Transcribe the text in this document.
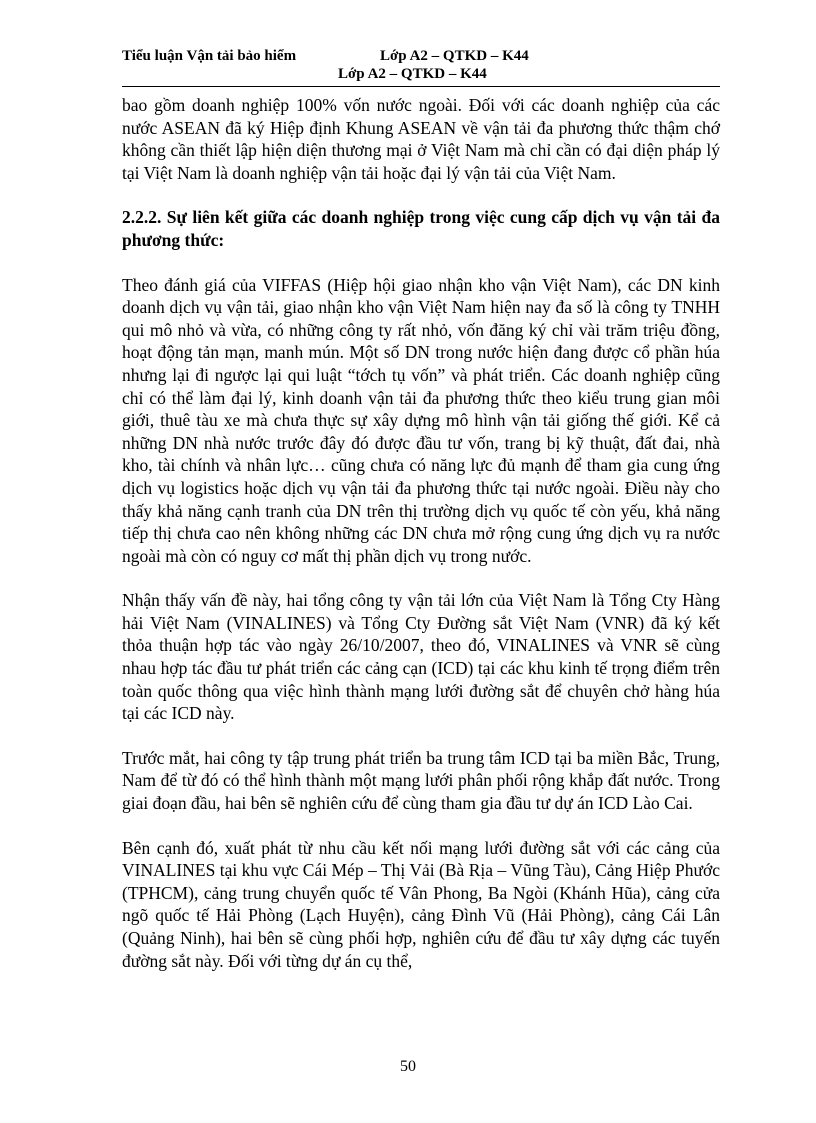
Tiểu luận Vận tải bảo hiểm	Lớp A2 – QTKD – K44
Lớp A2 – QTKD – K44

bao gồm doanh nghiệp 100% vốn nước ngoài. Đối với các doanh nghiệp của các nước ASEAN đã ký Hiệp định Khung ASEAN về vận tải đa phương thức thậm chớ không cần thiết lập hiện diện thương mại ở Việt Nam mà chỉ cần có đại diện pháp lý tại Việt Nam là doanh nghiệp vận tải hoặc đại lý vận tải của Việt Nam.

2.2.2. Sự liên kết giữa các doanh nghiệp trong việc cung cấp dịch vụ vận tải đa phương thức:

Theo đánh giá của VIFFAS (Hiệp hội giao nhận kho vận Việt Nam), các DN kinh doanh dịch vụ vận tải, giao nhận kho vận Việt Nam hiện nay đa số là công ty TNHH qui mô nhỏ và vừa, có những công ty rất nhỏ, vốn đăng ký chỉ vài trăm triệu đồng, hoạt động tản mạn, manh mún. Một số DN trong nước hiện đang được cổ phần húa nhưng lại đi ngược lại qui luật “tớch tụ vốn” và phát triển. Các doanh nghiệp cũng chỉ có thể làm đại lý, kinh doanh vận tải đa phương thức theo kiểu trung gian môi giới, thuê tàu xe mà chưa thực sự xây dựng mô hình vận tải giống thế giới. Kể cả những DN nhà nước trước đây đó được đầu tư vốn, trang bị kỹ thuật, đất đai, nhà kho, tài chính và nhân lực… cũng chưa có năng lực đủ mạnh để tham gia cung ứng dịch vụ logistics hoặc dịch vụ vận tải đa phương thức tại nước ngoài. Điều này cho thấy khả năng cạnh tranh của DN trên thị trường dịch vụ quốc tế còn yếu, khả năng tiếp thị chưa cao nên không những các DN chưa mở rộng cung ứng dịch vụ ra nước ngoài mà còn có nguy cơ mất thị phần dịch vụ trong nước.

Nhận thấy vấn đề này, hai tổng công ty vận tải lớn của Việt Nam là Tổng Cty Hàng hải Việt Nam (VINALINES) và Tổng Cty Đường sắt Việt Nam (VNR) đã ký kết thỏa thuận hợp tác vào ngày 26/10/2007, theo đó, VINALINES và VNR sẽ cùng nhau hợp tác đầu tư phát triển các cảng cạn (ICD) tại các khu kinh tế trọng điểm trên toàn quốc thông qua việc hình thành mạng lưới đường sắt để chuyên chở hàng húa tại các ICD này.

Trước mắt, hai công ty tập trung phát triển ba trung tâm ICD tại ba miền Bắc, Trung, Nam để từ đó có thể hình thành một mạng lưới phân phối rộng khắp đất nước. Trong giai đoạn đầu, hai bên sẽ nghiên cứu để cùng tham gia đầu tư dự án ICD Lào Cai.

Bên cạnh đó, xuất phát từ nhu cầu kết nối mạng lưới đường sắt với các cảng của VINALINES tại khu vực Cái Mép – Thị Vải (Bà Rịa – Vũng Tàu), Cảng Hiệp Phước (TPHCM), cảng trung chuyển quốc tế Vân Phong, Ba Ngòi (Khánh Hũa), cảng cửa ngõ quốc tế Hải Phòng (Lạch Huyện), cảng Đình Vũ (Hải Phòng), cảng Cái Lân (Quảng Ninh), hai bên sẽ cùng phối hợp, nghiên cứu để đầu tư xây dựng các tuyến đường sắt này. Đối với từng dự án cụ thể,

50
